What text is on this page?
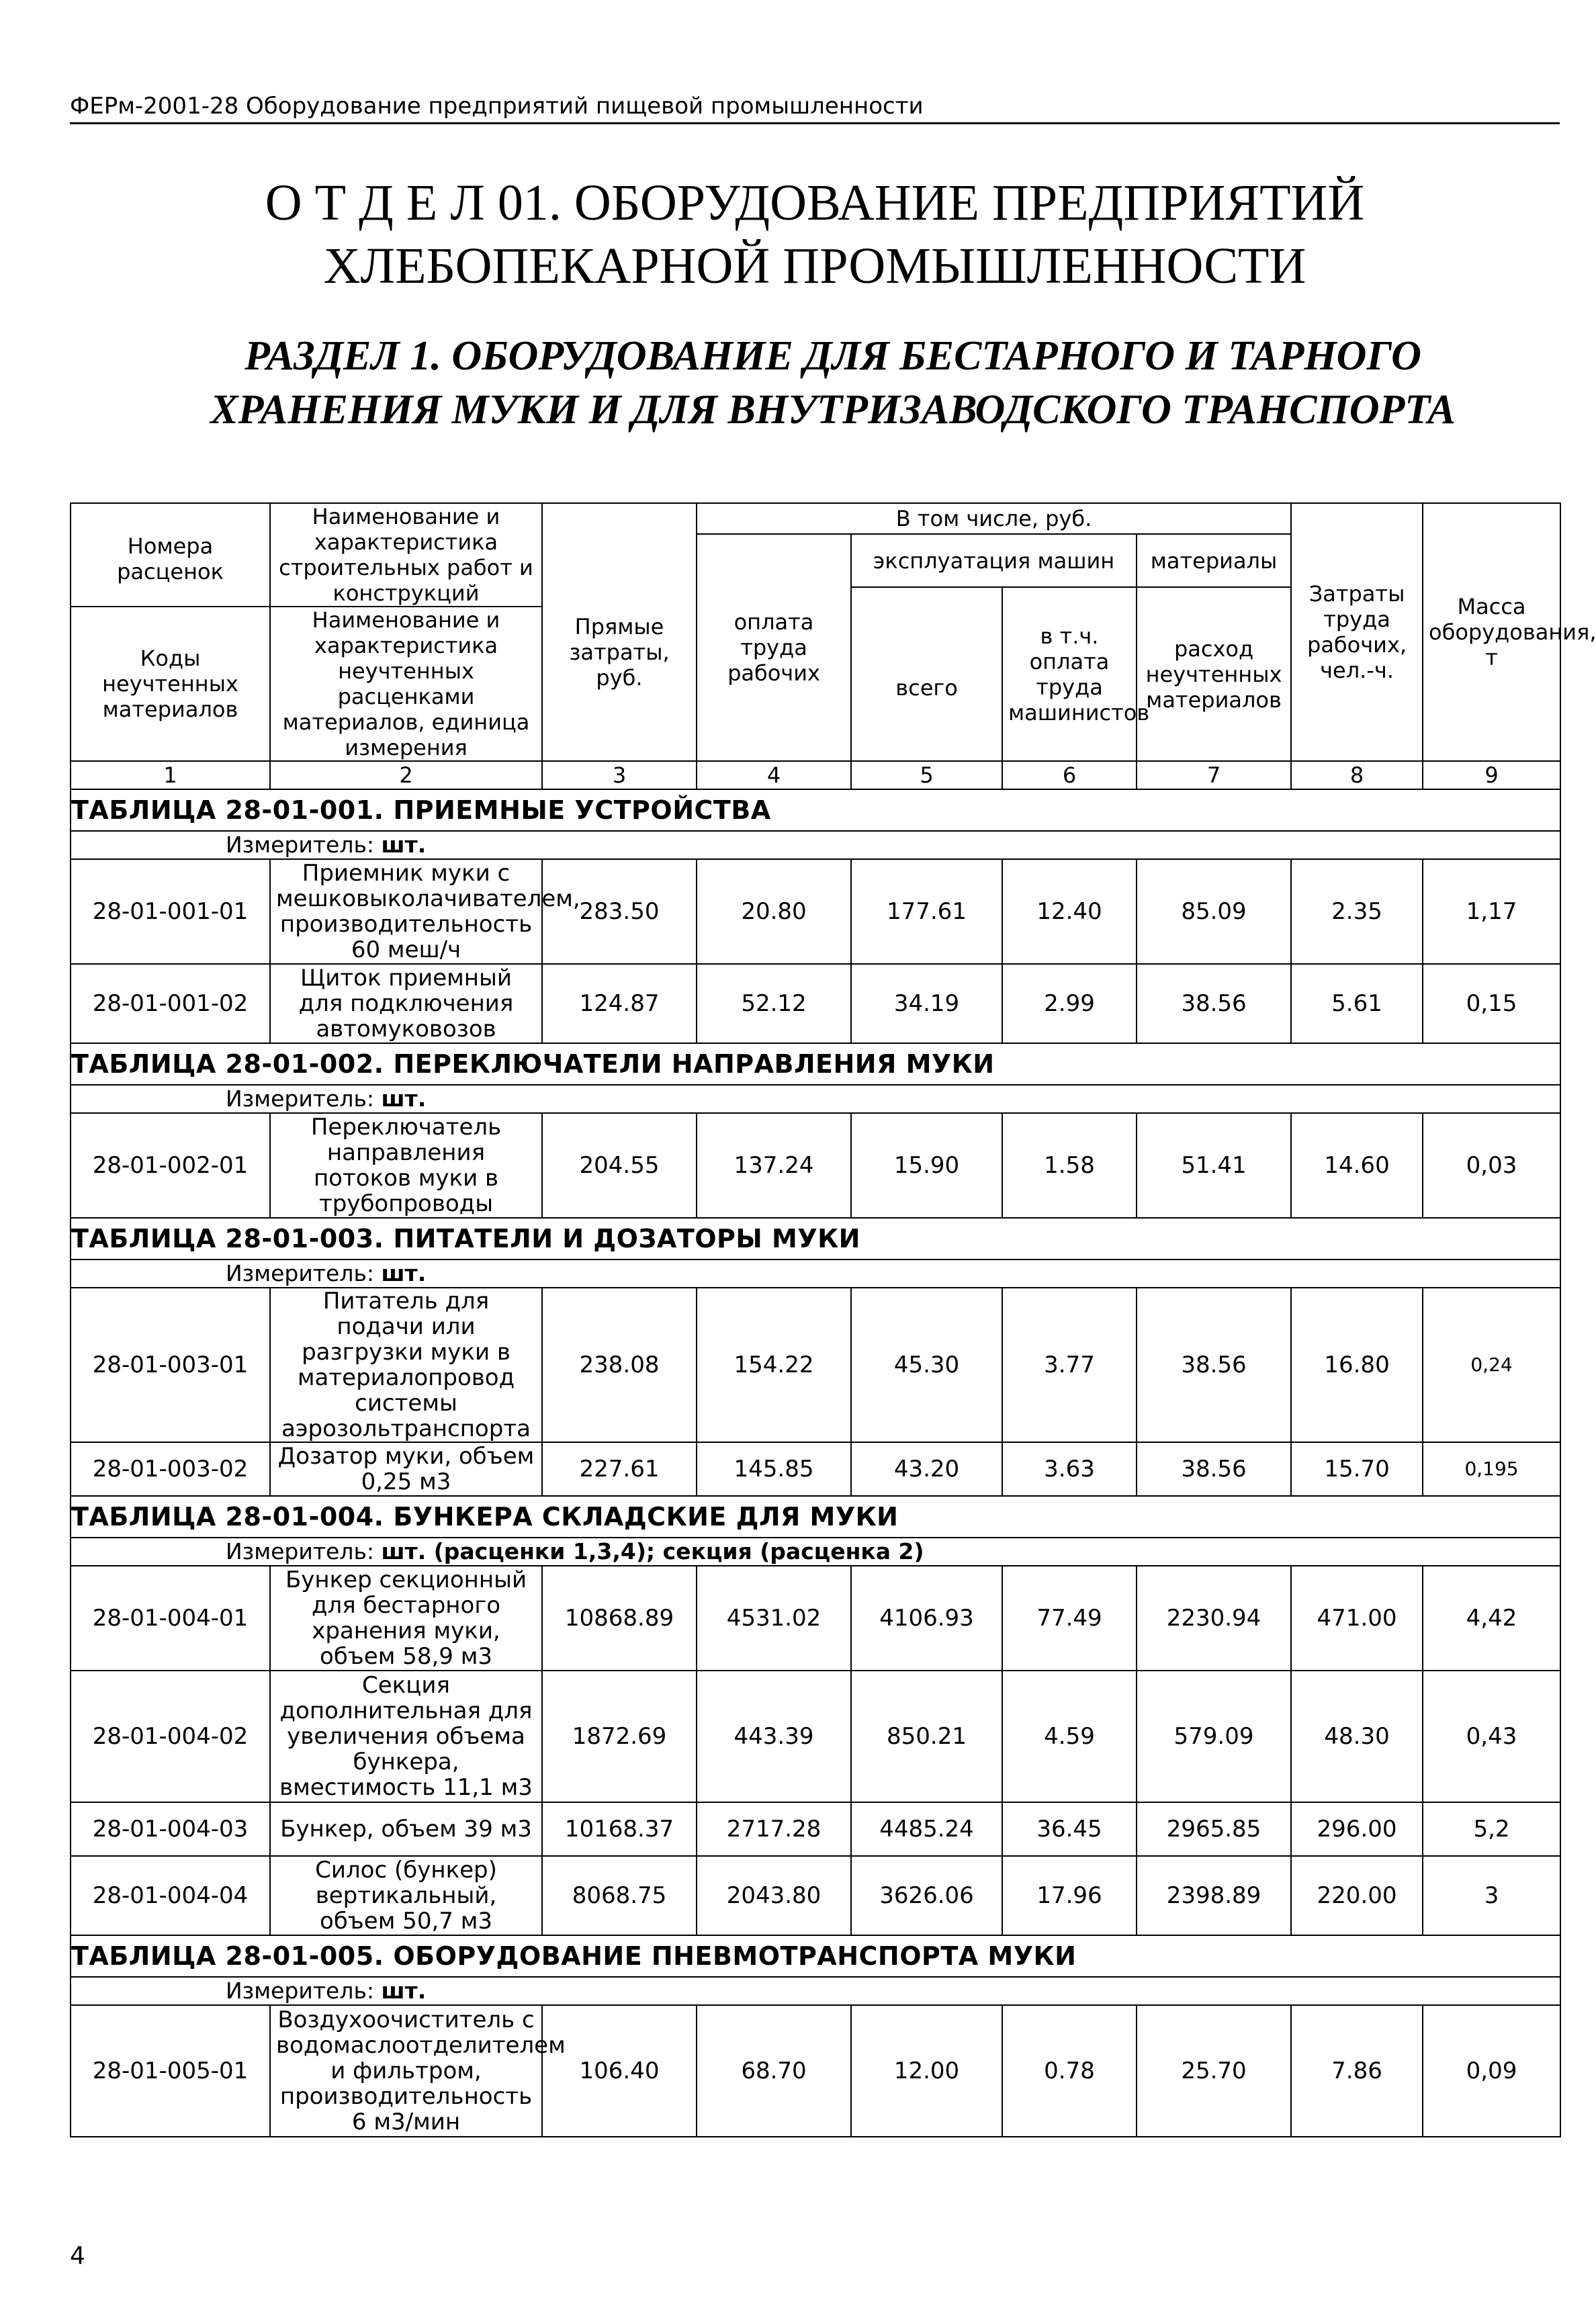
ФЕРм-2001-28 Оборудование предприятий пищевой промышленности
О Т Д Е Л 01. ОБОРУДОВАНИЕ ПРЕДПРИЯТИЙ ХЛЕБОПЕКАРНОЙ ПРОМЫШЛЕННОСТИ
РАЗДЕЛ 1. ОБОРУДОВАНИЕ ДЛЯ БЕСТАРНОГО И ТАРНОГО ХРАНЕНИЯ МУКИ И ДЛЯ ВНУТРИЗАВОДСКОГО ТРАНСПОРТА
Номера расценок	Наименование и характеристика строительных работ и конструкций	Прямые затраты, руб.	В том числе, руб.				Затраты труда рабочих, чел.-ч.	Масса оборудования, т
			оплата труда рабочих	эксплуатация машин		материалы		
				всего	в т.ч. оплата труда машинистов	расход неучтенных материалов		
Коды неучтенных материалов	Наименование и характеристика неучтенных расценками материалов, единица измерения							

1	2	3	4	5	6	7	8	9
ТАБЛИЦА 28-01-001. ПРИЕМНЫЕ УСТРОЙСТВА								
Измеритель: шт.								
28-01-001-01	Приемник муки с мешковыколачивателем, производительность 60 меш/ч	283.50	20.80	177.61	12.40	85.09	2.35	1,17
28-01-001-02	Щиток приемный для подключения автомуковозов	124.87	52.12	34.19	2.99	38.56	5.61	0,15
ТАБЛИЦА 28-01-002. ПЕРЕКЛЮЧАТЕЛИ НАПРАВЛЕНИЯ МУКИ								
Измеритель: шт.								
28-01-002-01	Переключатель направления потоков муки в трубопроводы	204.55	137.24	15.90	1.58	51.41	14.60	0,03
ТАБЛИЦА 28-01-003. ПИТАТЕЛИ И ДОЗАТОРЫ МУКИ								
Измеритель: шт.								
28-01-003-01	Питатель для подачи или разгрузки муки в материалопровод системы аэрозольтранспорта	238.08	154.22	45.30	3.77	38.56	16.80	0,24
28-01-003-02	Дозатор муки, объем 0,25 м3	227.61	145.85	43.20	3.63	38.56	15.70	0,195
ТАБЛИЦА 28-01-004. БУНКЕРА СКЛАДСКИЕ ДЛЯ МУКИ								
Измеритель: шт. (расценки 1,3,4); секция (расценка 2)								
28-01-004-01	Бункер секционный для бестарного хранения муки, объем 58,9 м3	10868.89	4531.02	4106.93	77.49	2230.94	471.00	4,42
28-01-004-02	Секция дополнительная для увеличения объема бункера, вместимость 11,1 м3	1872.69	443.39	850.21	4.59	579.09	48.30	0,43
28-01-004-03	Бункер, объем 39 м3	10168.37	2717.28	4485.24	36.45	2965.85	296.00	5,2
28-01-004-04	Силос (бункер) вертикальный, объем 50,7 м3	8068.75	2043.80	3626.06	17.96	2398.89	220.00	3
ТАБЛИЦА 28-01-005. ОБОРУДОВАНИЕ ПНЕВМОТРАНСПОРТА МУКИ								
Измеритель: шт.								
28-01-005-01	Воздухоочиститель с водомаслоотделителем и фильтром, производительность 6 м3/мин	106.40	68.70	12.00	0.78	25.70	7.86	0,09
4
